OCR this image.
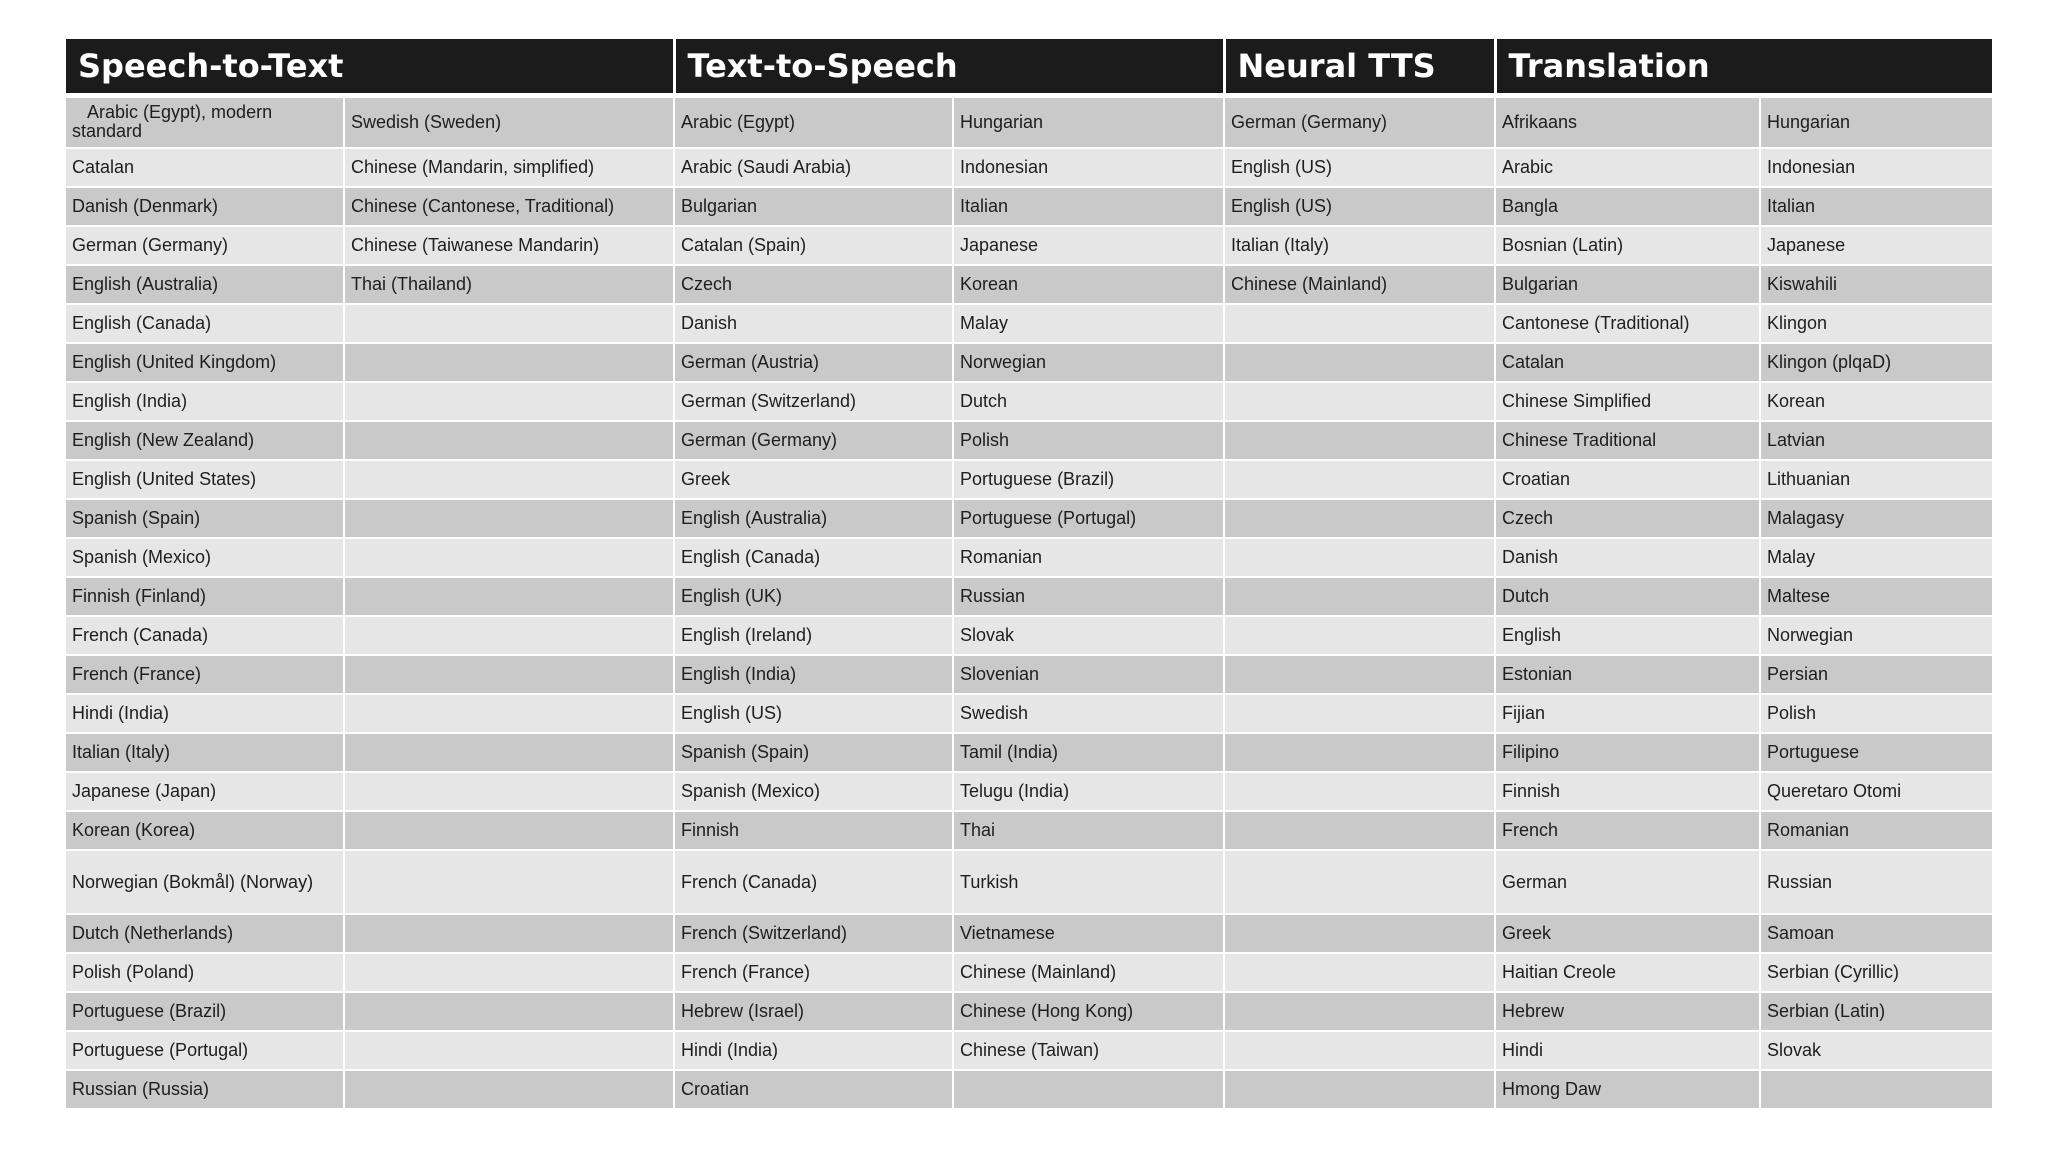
Speech-to-Text		Text-to-Speech		Neural TTS	Translation	
Arabic (Egypt), modern standard	Swedish (Sweden)	Arabic (Egypt)	Hungarian	German (Germany)	Afrikaans	Hungarian
Catalan	Chinese (Mandarin, simplified)	Arabic (Saudi Arabia)	Indonesian	English (US)	Arabic	Indonesian
Danish (Denmark)	Chinese (Cantonese, Traditional)	Bulgarian	Italian	English (US)	Bangla	Italian
German (Germany)	Chinese (Taiwanese Mandarin)	Catalan (Spain)	Japanese	Italian (Italy)	Bosnian (Latin)	Japanese
English (Australia)	Thai (Thailand)	Czech	Korean	Chinese (Mainland)	Bulgarian	Kiswahili
English (Canada)		Danish	Malay		Cantonese (Traditional)	Klingon
English (United Kingdom)		German (Austria)	Norwegian		Catalan	Klingon (plqaD)
English (India)		German (Switzerland)	Dutch		Chinese Simplified	Korean
English (New Zealand)		German (Germany)	Polish		Chinese Traditional	Latvian
English (United States)		Greek	Portuguese (Brazil)		Croatian	Lithuanian
Spanish (Spain)		English (Australia)	Portuguese (Portugal)		Czech	Malagasy
Spanish (Mexico)		English (Canada)	Romanian		Danish	Malay
Finnish (Finland)		English (UK)	Russian		Dutch	Maltese
French (Canada)		English (Ireland)	Slovak		English	Norwegian
French (France)		English (India)	Slovenian		Estonian	Persian
Hindi (India)		English (US)	Swedish		Fijian	Polish
Italian (Italy)		Spanish (Spain)	Tamil (India)		Filipino	Portuguese
Japanese (Japan)		Spanish (Mexico)	Telugu (India)		Finnish	Queretaro Otomi
Korean (Korea)		Finnish	Thai		French	Romanian
Norwegian (Bokmål) (Norway)		French (Canada)	Turkish		German	Russian
Dutch (Netherlands)		French (Switzerland)	Vietnamese		Greek	Samoan
Polish (Poland)		French (France)	Chinese (Mainland)		Haitian Creole	Serbian (Cyrillic)
Portuguese (Brazil)		Hebrew (Israel)	Chinese (Hong Kong)		Hebrew	Serbian (Latin)
Portuguese (Portugal)		Hindi (India)	Chinese (Taiwan)		Hindi	Slovak
Russian (Russia)		Croatian			Hmong Daw	
